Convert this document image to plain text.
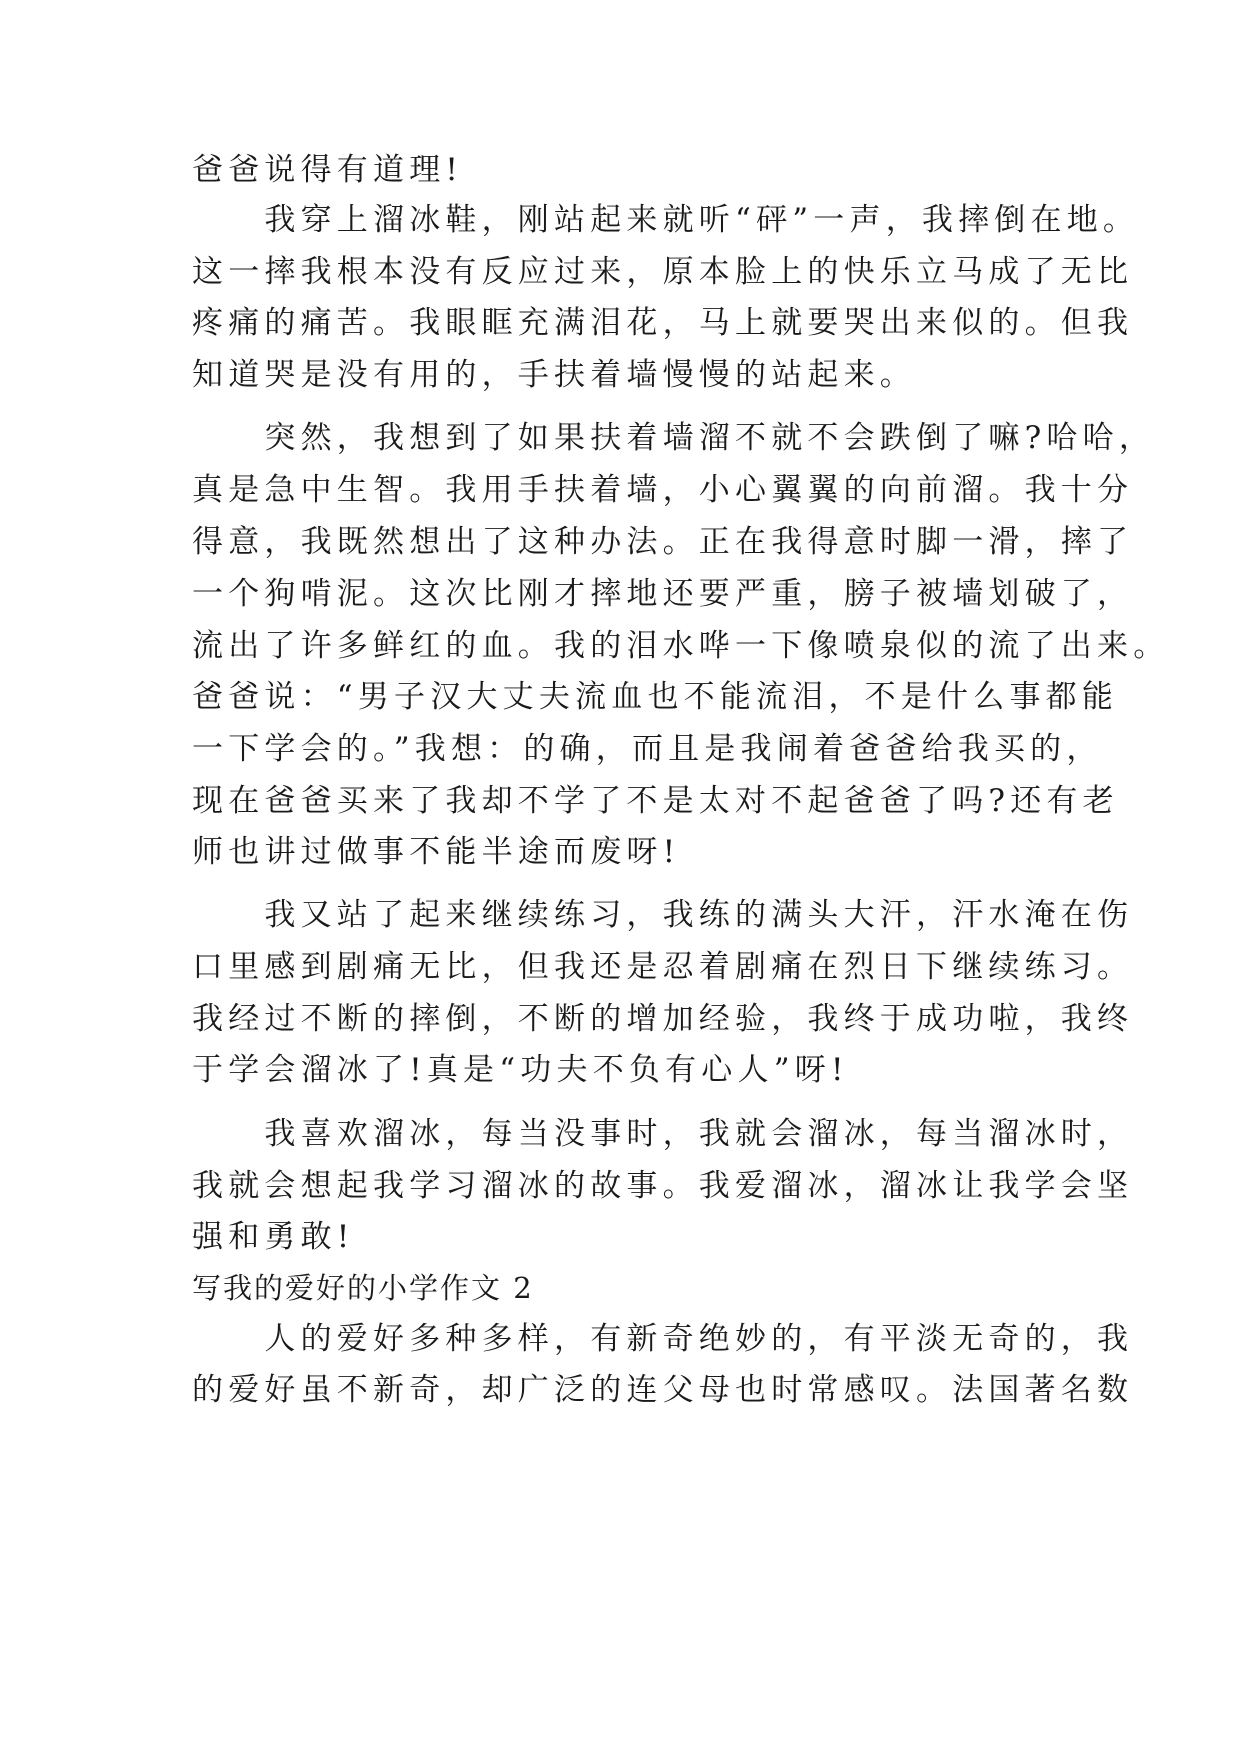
爸爸说得有道理!
　　我穿上溜冰鞋，刚站起来就听“砰”一声，我摔倒在地。
这一摔我根本没有反应过来，原本脸上的快乐立马成了无比
疼痛的痛苦。我眼眶充满泪花，马上就要哭出来似的。但我
知道哭是没有用的，手扶着墙慢慢的站起来。
　　突然，我想到了如果扶着墙溜不就不会跌倒了嘛?哈哈，
真是急中生智。我用手扶着墙，小心翼翼的向前溜。我十分
得意，我既然想出了这种办法。正在我得意时脚一滑，摔了
一个狗啃泥。这次比刚才摔地还要严重，膀子被墙划破了，
流出了许多鲜红的血。我的泪水哗一下像喷泉似的流了出来。
爸爸说：“男子汉大丈夫流血也不能流泪，不是什么事都能
一下学会的。”我想：的确，而且是我闹着爸爸给我买的，
现在爸爸买来了我却不学了不是太对不起爸爸了吗?还有老
师也讲过做事不能半途而废呀!
　　我又站了起来继续练习，我练的满头大汗，汗水淹在伤
口里感到剧痛无比，但我还是忍着剧痛在烈日下继续练习。
我经过不断的摔倒，不断的增加经验，我终于成功啦，我终
于学会溜冰了!真是“功夫不负有心人”呀!
　　我喜欢溜冰，每当没事时，我就会溜冰，每当溜冰时，
我就会想起我学习溜冰的故事。我爱溜冰，溜冰让我学会坚
强和勇敢!
写我的爱好的小学作文 2
　　人的爱好多种多样，有新奇绝妙的，有平淡无奇的，我
的爱好虽不新奇，却广泛的连父母也时常感叹。法国著名数
